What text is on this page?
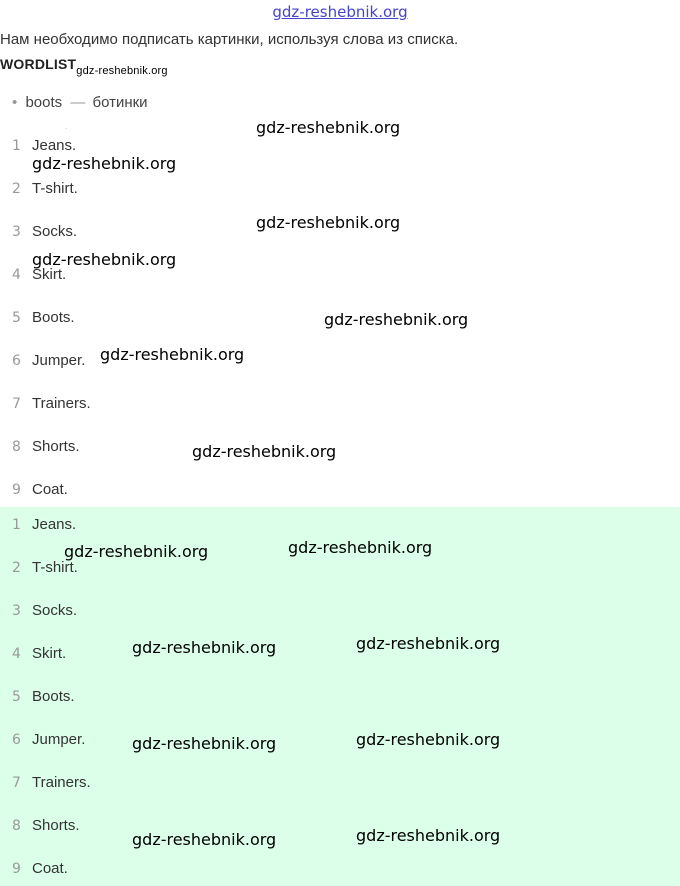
gdz-reshebnik.org
Нам необходимо подписать картинки, используя слова из списка.
$WORDLIST_{gdz-reshebnik.org}$
• boots — ботинки
.
1 Jeans.
2 T-shirt.
3 Socks.
4 Skirt.
5 Boots.
6 Jumper.
7 Trainers.
8 Shorts.
9 Coat.
1 Jeans.
2 T-shirt.
3 Socks.
4 Skirt.
5 Boots.
6 Jumper.
7 Trainers.
8 Shorts.
9 Coat.
gdz-reshebnik.org
gdz-reshebnik.org
gdz-reshebnik.org
gdz-reshebnik.org
gdz-reshebnik.org
gdz-reshebnik.org
gdz-reshebnik.org
gdz-reshebnik.org	gdz-reshebnik.org
gdz-reshebnik.org	gdz-reshebnik.org
gdz-reshebnik.org	gdz-reshebnik.org
gdz-reshebnik.org	gdz-reshebnik.org
